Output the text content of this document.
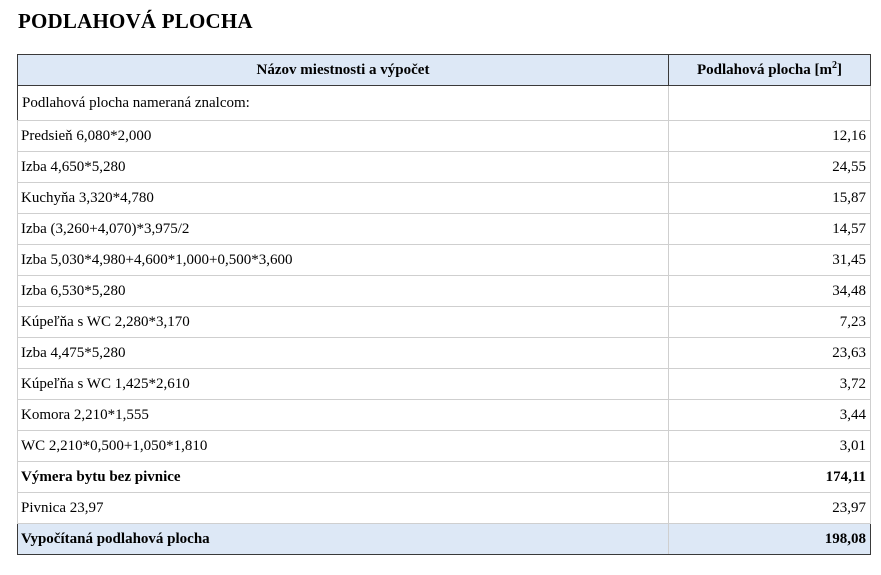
PODLAHOVÁ PLOCHA
Názov miestnosti a výpočet	Podlahová plocha $[m^2]$
Podlahová plocha nameraná znalcom:	
Predsieň 6,080*2,000	12,16
Izba 4,650*5,280	24,55
Kuchyňa 3,320*4,780	15,87
Izba (3,260+4,070)*3,975/2	14,57
Izba 5,030*4,980+4,600*1,000+0,500*3,600	31,45
Izba 6,530*5,280	34,48
Kúpeľňa s WC 2,280*3,170	7,23
Izba 4,475*5,280	23,63
Kúpeľňa s WC 1,425*2,610	3,72
Komora 2,210*1,555	3,44
WC 2,210*0,500+1,050*1,810	3,01
Výmera bytu bez pivnice	174,11
Pivnica 23,97	23,97
Vypočítaná podlahová plocha	198,08
